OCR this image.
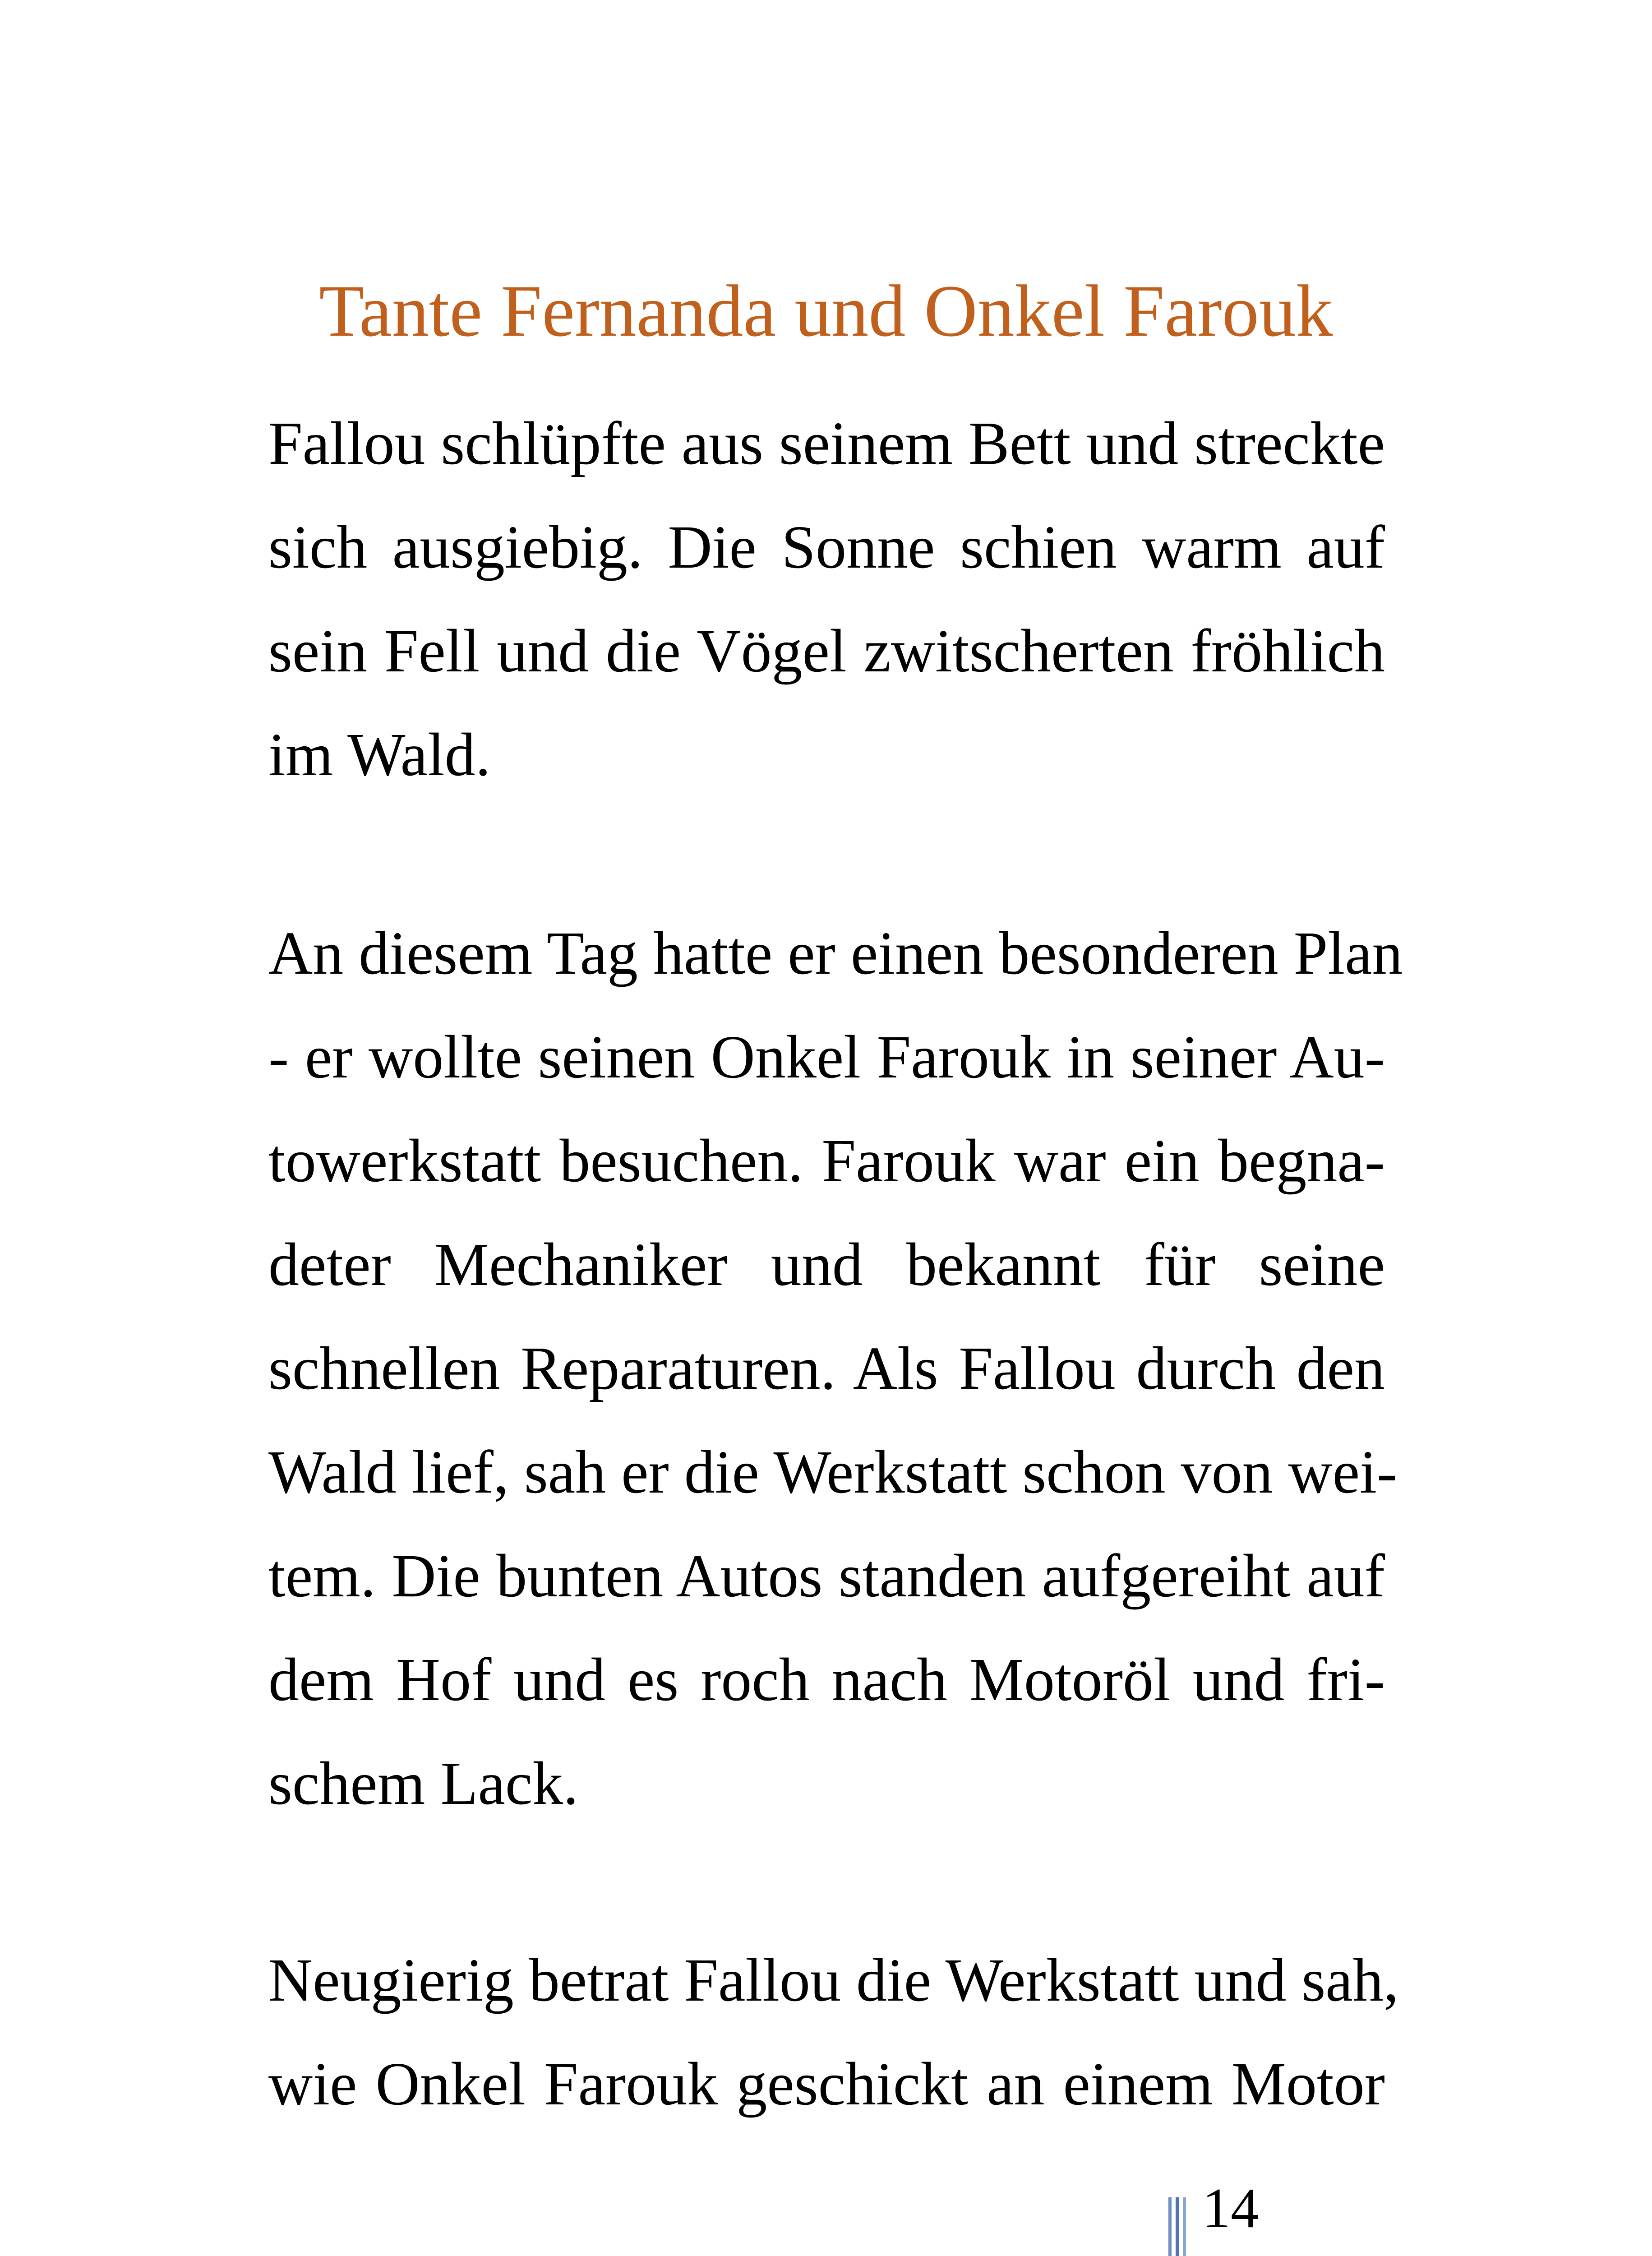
Tante Fernanda und Onkel Farouk
Fallou schlüpfte aus seinem Bett und streckte
sich ausgiebig. Die Sonne schien warm auf
sein Fell und die Vögel zwitscherten fröhlich
im Wald.
An diesem Tag hatte er einen besonderen Plan
- er wollte seinen Onkel Farouk in seiner Au-
towerkstatt besuchen. Farouk war ein begna-
deter Mechaniker und bekannt für seine
schnellen Reparaturen. Als Fallou durch den
Wald lief, sah er die Werkstatt schon von wei-
tem. Die bunten Autos standen aufgereiht auf
dem Hof und es roch nach Motoröl und fri-
schem Lack.
Neugierig betrat Fallou die Werkstatt und sah,
wie Onkel Farouk geschickt an einem Motor
14
